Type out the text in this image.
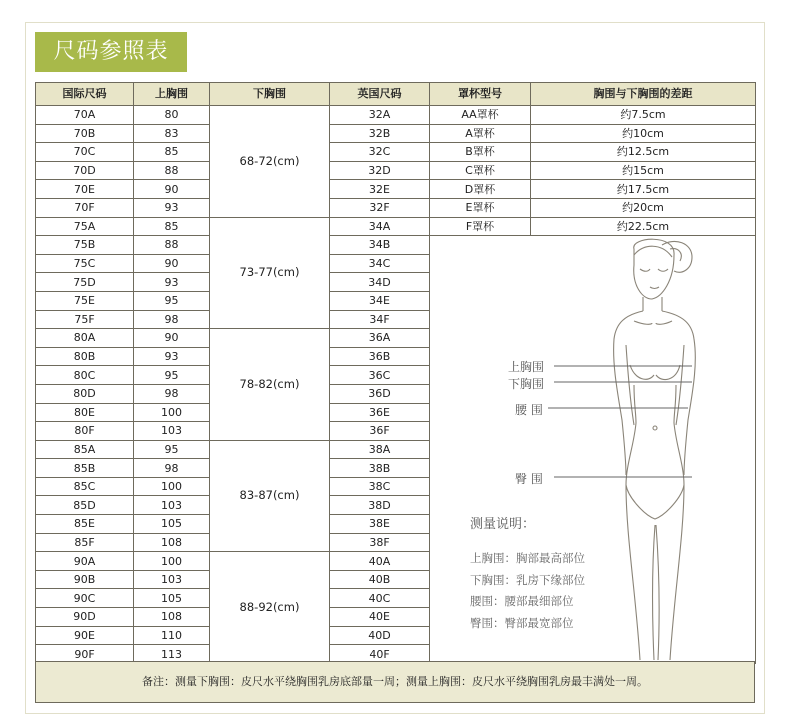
尺码参照表
国际尺码	上胸围	下胸围	英国尺码	罩杯型号	胸围与下胸围的差距
70A	80	68-72(cm)	32A	AA罩杯	约7.5cm
70B	83		32B	A罩杯	约10cm
70C	85		32C	B罩杯	约12.5cm
70D	88		32D	C罩杯	约15cm
70E	90		32E	D罩杯	约17.5cm
70F	93		32F	E罩杯	约20cm
75A	85	73-77(cm)	34A	F罩杯	约22.5cm
75B	88		34B		
75C	90		34C		
75D	93		34D		
75E	95		34E		
75F	98		34F		
80A	90	78-82(cm)	36A		
80B	93		36B		
80C	95		36C		
80D	98		36D		
80E	100		36E		
80F	103		36F		
85A	95	83-87(cm)	38A		
85B	98		38B		
85C	100		38C		
85D	103		38D		
85E	105		38E		
85F	108		38F		
90A	100	88-92(cm)	40A		
90B	103		40B		
90C	105		40C		
90D	108		40E		
90E	110		40D		
90F	113		40F		
上胸围
下胸围
腰 围
臀 围
测量说明：
上胸围：胸部最高部位
下胸围：乳房下缘部位
腰围：腰部最细部位
臀围：臀部最宽部位
备注：测量下胸围：皮尺水平绕胸围乳房底部量一周；测量上胸围：皮尺水平绕胸围乳房最丰满处一周。
